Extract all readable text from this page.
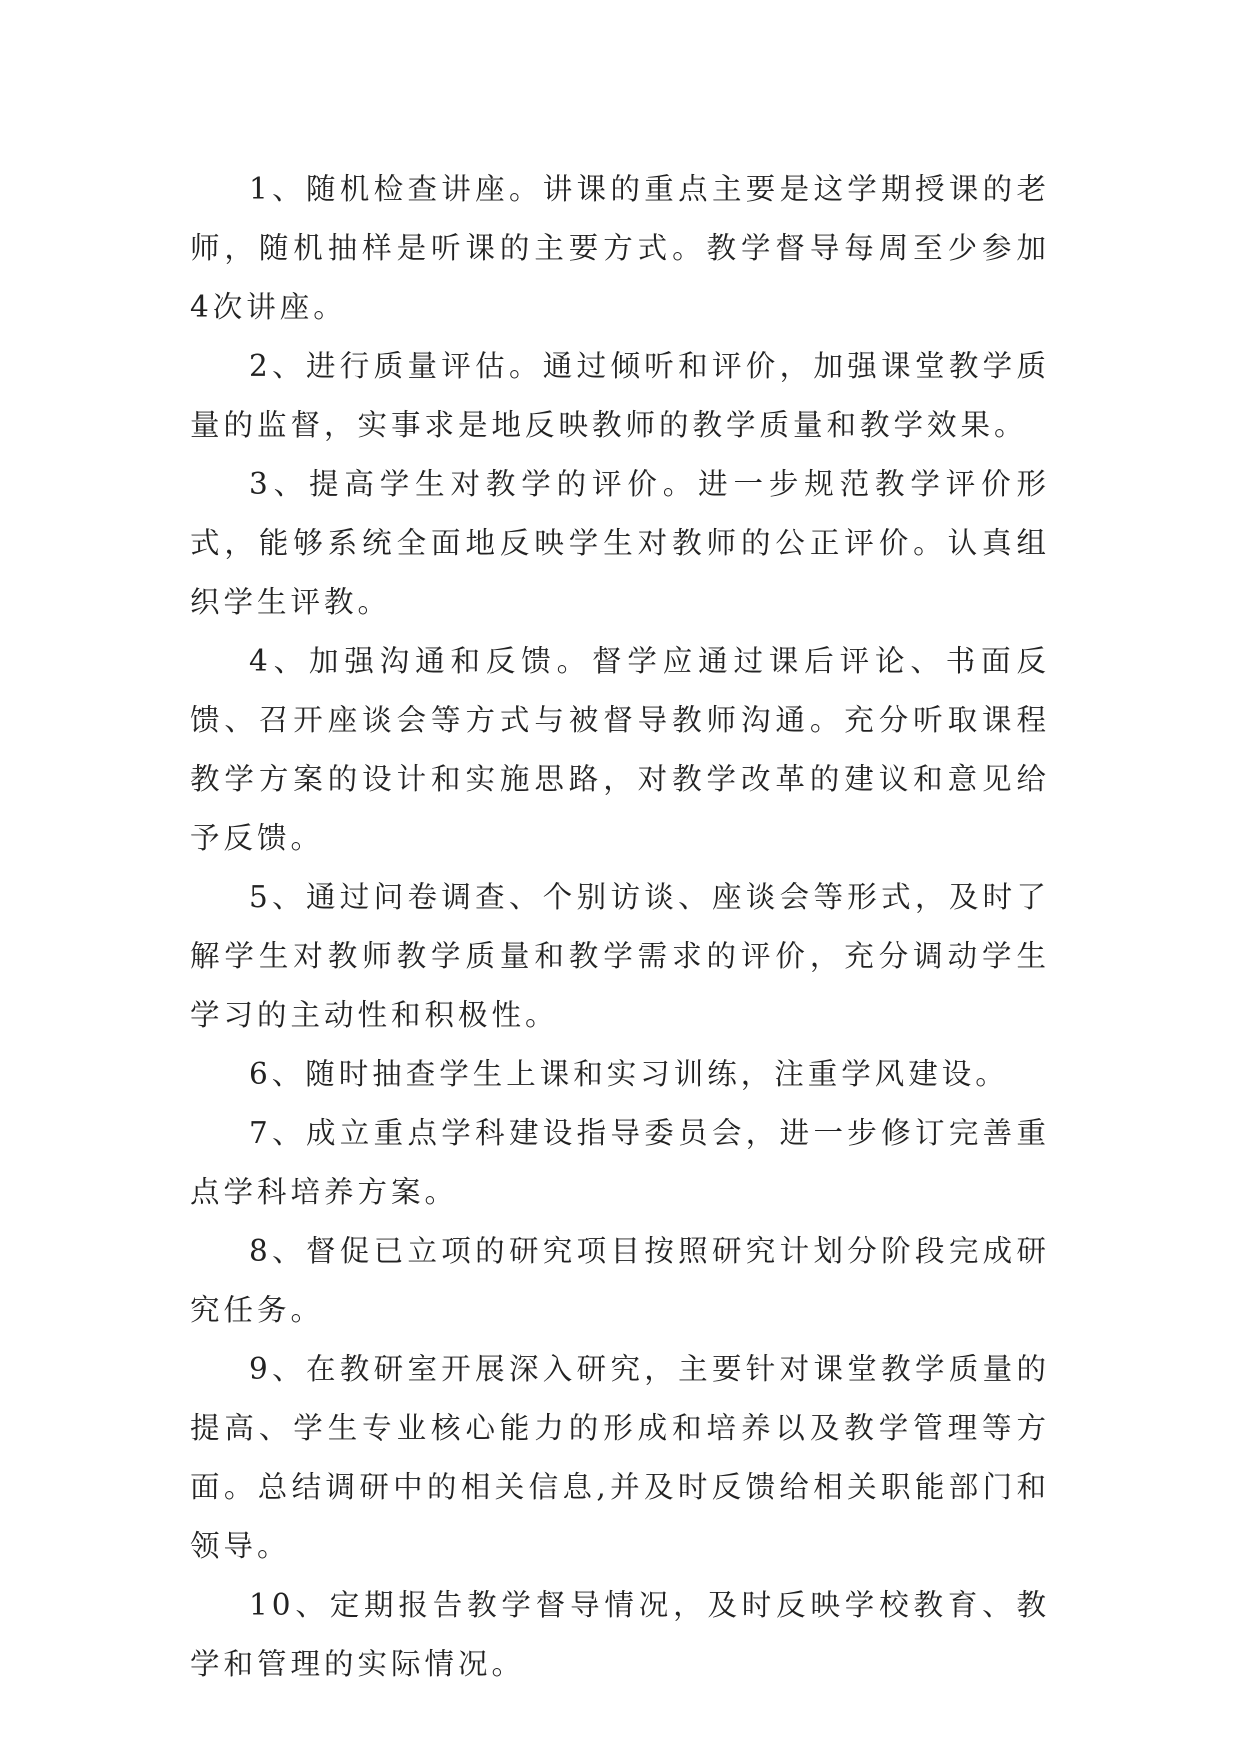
1、随机检查讲座。讲课的重点主要是这学期授课的老师，随机抽样是听课的主要方式。教学督导每周至少参加4次讲座。

2、进行质量评估。通过倾听和评价，加强课堂教学质量的监督，实事求是地反映教师的教学质量和教学效果。

3、提高学生对教学的评价。进一步规范教学评价形式，能够系统全面地反映学生对教师的公正评价。认真组织学生评教。

4、加强沟通和反馈。督学应通过课后评论、书面反馈、召开座谈会等方式与被督导教师沟通。充分听取课程教学方案的设计和实施思路，对教学改革的建议和意见给予反馈。

5、通过问卷调查、个别访谈、座谈会等形式，及时了解学生对教师教学质量和教学需求的评价，充分调动学生学习的主动性和积极性。

6、随时抽查学生上课和实习训练，注重学风建设。

7、成立重点学科建设指导委员会，进一步修订完善重点学科培养方案。

8、督促已立项的研究项目按照研究计划分阶段完成研究任务。

9、在教研室开展深入研究，主要针对课堂教学质量的提高、学生专业核心能力的形成和培养以及教学管理等方面。总结调研中的相关信息,并及时反馈给相关职能部门和领导。

10、定期报告教学督导情况，及时反映学校教育、教学和管理的实际情况。
